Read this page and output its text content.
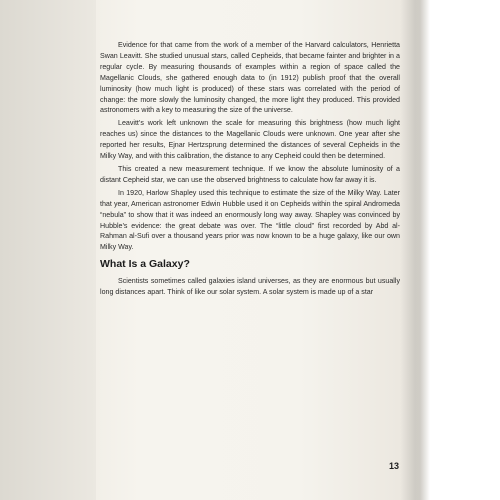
Evidence for that came from the work of a member of the Harvard calculators, Henrietta Swan Leavitt. She studied unusual stars, called Cepheids, that became fainter and brighter in a regular cycle. By measuring thousands of examples within a region of space called the Magellanic Clouds, she gathered enough data to (in 1912) publish proof that the overall luminosity (how much light is produced) of these stars was correlated with the period of change: the more slowly the luminosity changed, the more light they produced. This provided astronomers with a key to measuring the size of the universe.

Leavitt’s work left unknown the scale for measuring this brightness (how much light reaches us) since the distances to the Magellanic Clouds were unknown. One year after she reported her results, Ejnar Hertzsprung determined the distances of several Cepheids in the Milky Way, and with this calibration, the distance to any Cepheid could then be determined.

This created a new measurement technique. If we know the absolute luminosity of a distant Cepheid star, we can use the observed brightness to calculate how far away it is.

In 1920, Harlow Shapley used this technique to estimate the size of the Milky Way. Later that year, American astronomer Edwin Hubble used it on Cepheids within the spiral Andromeda “nebula” to show that it was indeed an enormously long way away. Shapley was convinced by Hubble’s evidence: the great debate was over. The “little cloud” first recorded by Abd al-Rahman al-Sufi over a thousand years prior was now known to be a huge galaxy, like our own Milky Way.

What Is a Galaxy?

Scientists sometimes called galaxies island universes, as they are enormous but usually long distances apart. Think of like our solar system. A solar system is made up of a star

13
